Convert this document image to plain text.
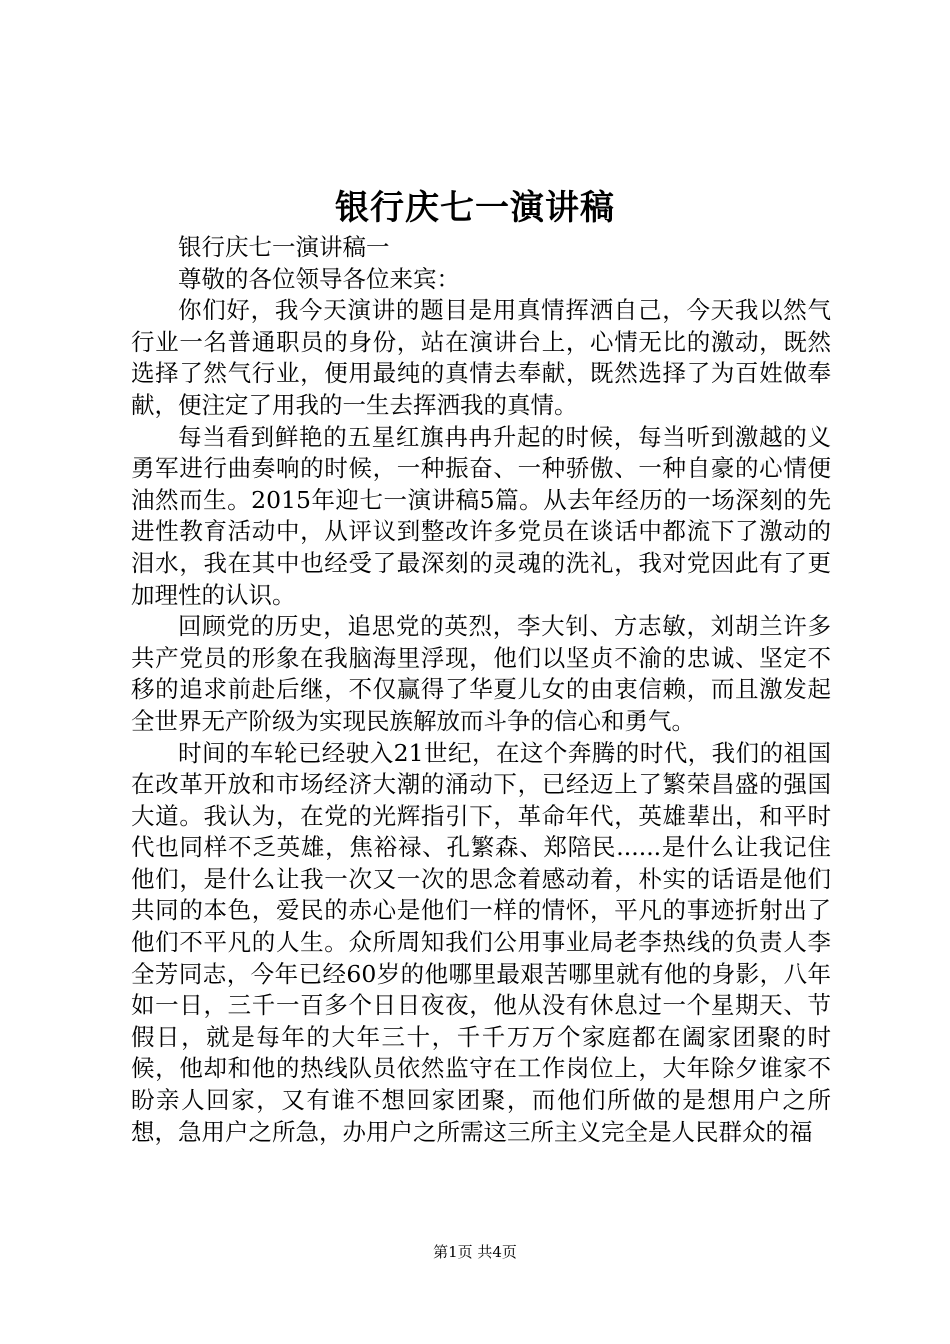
银行庆七一演讲稿

银行庆七一演讲稿一

尊敬的各位领导各位来宾：

你们好，我今天演讲的题目是用真情挥洒自己，今天我以然气行业一名普通职员的身份，站在演讲台上，心情无比的激动，既然选择了然气行业，便用最纯的真情去奉献，既然选择了为百姓做奉献，便注定了用我的一生去挥洒我的真情。

每当看到鲜艳的五星红旗冉冉升起的时候，每当听到激越的义勇军进行曲奏响的时候，一种振奋、一种骄傲、一种自豪的心情便油然而生。2015年迎七一演讲稿5篇。从去年经历的一场深刻的先进性教育活动中，从评议到整改许多党员在谈话中都流下了激动的泪水，我在其中也经受了最深刻的灵魂的洗礼，我对党因此有了更加理性的认识。

回顾党的历史，追思党的英烈，李大钊、方志敏，刘胡兰许多共产党员的形象在我脑海里浮现，他们以坚贞不渝的忠诚、坚定不移的追求前赴后继，不仅赢得了华夏儿女的由衷信赖，而且激发起全世界无产阶级为实现民族解放而斗争的信心和勇气。

时间的车轮已经驶入21世纪，在这个奔腾的时代，我们的祖国在改革开放和市场经济大潮的涌动下，已经迈上了繁荣昌盛的强国大道。我认为，在党的光辉指引下，革命年代，英雄辈出，和平时代也同样不乏英雄，焦裕禄、孔繁森、郑陪民......是什么让我记住他们，是什么让我一次又一次的思念着感动着，朴实的话语是他们共同的本色，爱民的赤心是他们一样的情怀，平凡的事迹折射出了他们不平凡的人生。众所周知我们公用事业局老李热线的负责人李全芳同志，今年已经60岁的他哪里最艰苦哪里就有他的身影，八年如一日，三千一百多个日日夜夜，他从没有休息过一个星期天、节假日，就是每年的大年三十，千千万万个家庭都在阖家团聚的时候，他却和他的热线队员依然监守在工作岗位上，大年除夕谁家不盼亲人回家，又有谁不想回家团聚，而他们所做的是想用户之所想，急用户之所急，办用户之所需这三所主义完全是人民群众的福

第1页 共4页
